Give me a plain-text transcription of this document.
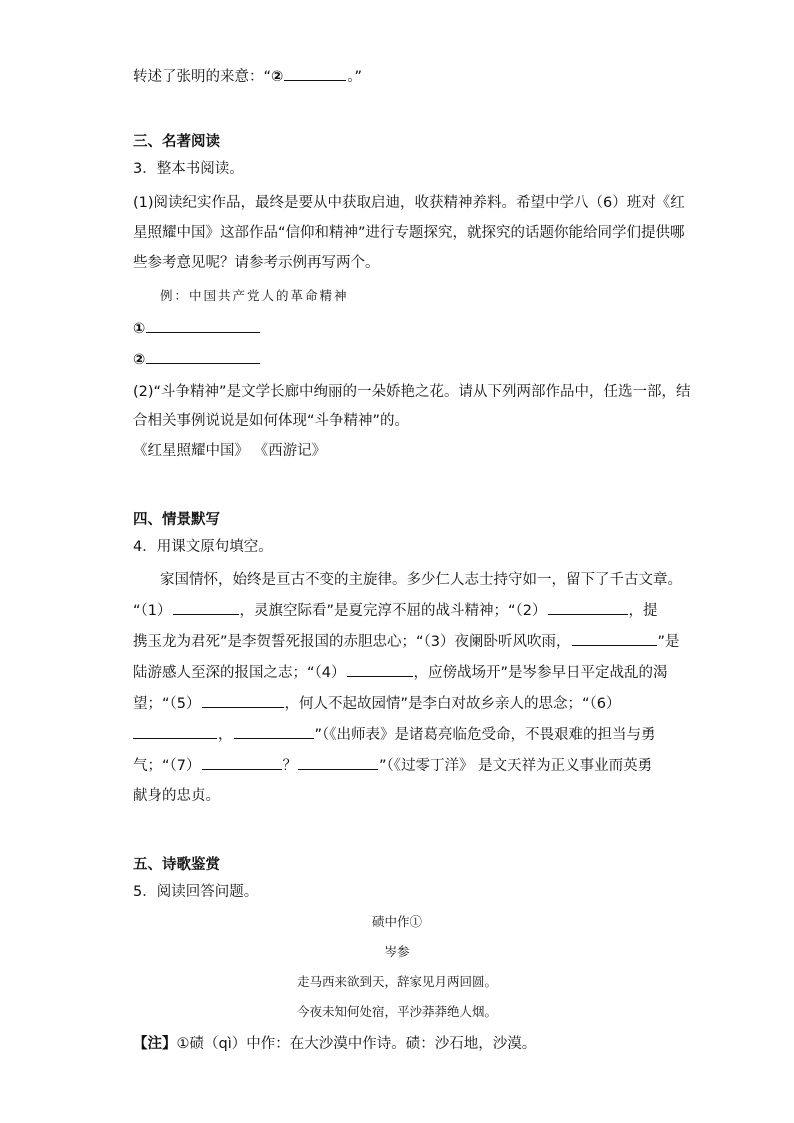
转述了张明的来意：“②	。”
三、名著阅读
3．整本书阅读。
(1)阅读纪实作品，最终是要从中获取启迪，收获精神养料。希望中学八（6）班对《红
星照耀中国》这部作品“信仰和精神”进行专题探究，就探究的话题你能给同学们提供哪
些参考意见呢？请参考示例再写两个。
例：中国共产党人的革命精神
①
②
(2)“斗争精神”是文学长廊中绚丽的一朵娇艳之花。请从下列两部作品中，任选一部，结
合相关事例说说是如何体现“斗争精神”的。
《红星照耀中国》 《西游记》
四、情景默写
4．用课文原句填空。
家国情怀，始终是亘古不变的主旋律。多少仁人志士持守如一，留下了千古文章。
“（1）	，灵旗空际看”是夏完淳不屈的战斗精神；“（2）	，提
携玉龙为君死”是李贺誓死报国的赤胆忠心；“（3）夜阑卧听风吹雨，	”是
陆游感人至深的报国之志；“（4）	，应傍战场开”是岑参早日平定战乱的渴
望；“（5）	，何人不起故园情”是李白对故乡亲人的思念；“（6）
，	”（《出师表》是诸葛亮临危受命，不畏艰难的担当与勇
气；“（7）	？	”（《过零丁洋》 是文天祥为正义事业而英勇
献身的忠贞。
五、诗歌鉴赏
5．阅读回答问题。
碛中作①
岑参
走马西来欲到天，辞家见月两回圆。
今夜未知何处宿，平沙莽莽绝人烟。
【注】①碛（qì）中作：在大沙漠中作诗。碛：沙石地，沙漠。
